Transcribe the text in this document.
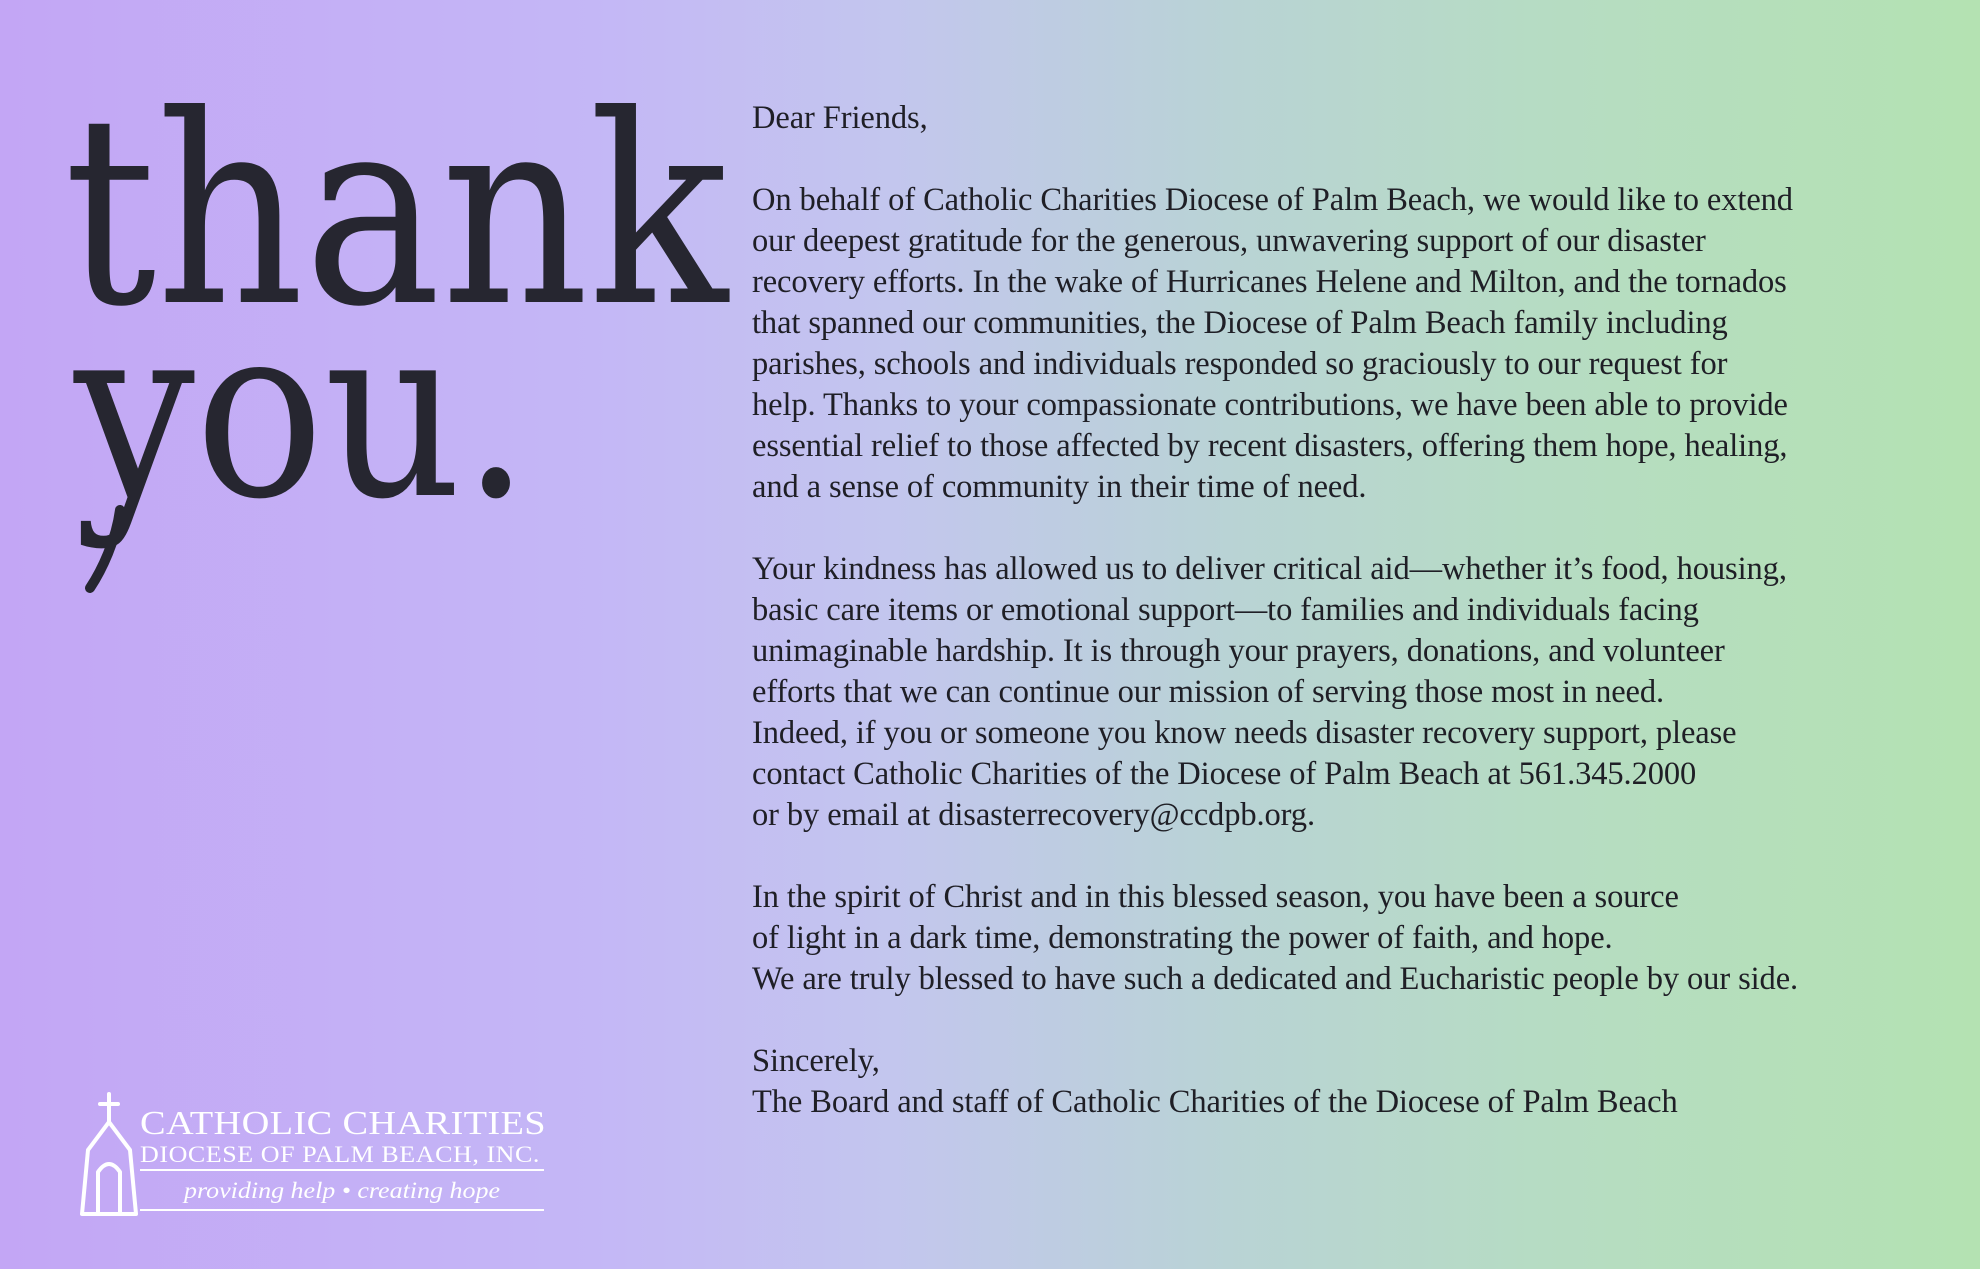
thank
you.

Dear Friends,

On behalf of Catholic Charities Diocese of Palm Beach, we would like to extend
our deepest gratitude for the generous, unwavering support of our disaster
recovery efforts. In the wake of Hurricanes Helene and Milton, and the tornados
that spanned our communities, the Diocese of Palm Beach family including
parishes, schools and individuals responded so graciously to our request for
help. Thanks to your compassionate contributions, we have been able to provide
essential relief to those affected by recent disasters, offering them hope, healing,
and a sense of community in their time of need.

Your kindness has allowed us to deliver critical aid—whether it’s food, housing,
basic care items or emotional support—to families and individuals facing
unimaginable hardship. It is through your prayers, donations, and volunteer
efforts that we can continue our mission of serving those most in need.
Indeed, if you or someone you know needs disaster recovery support, please
contact Catholic Charities of the Diocese of Palm Beach at 561.345.2000
or by email at disasterrecovery@ccdpb.org.

In the spirit of Christ and in this blessed season, you have been a source
of light in a dark time, demonstrating the power of faith, and hope.
We are truly blessed to have such a dedicated and Eucharistic people by our side.

Sincerely,
The Board and staff of Catholic Charities of the Diocese of Palm Beach

CATHOLIC CHARITIES
DIOCESE OF PALM BEACH, INC.
providing help • creating hope
